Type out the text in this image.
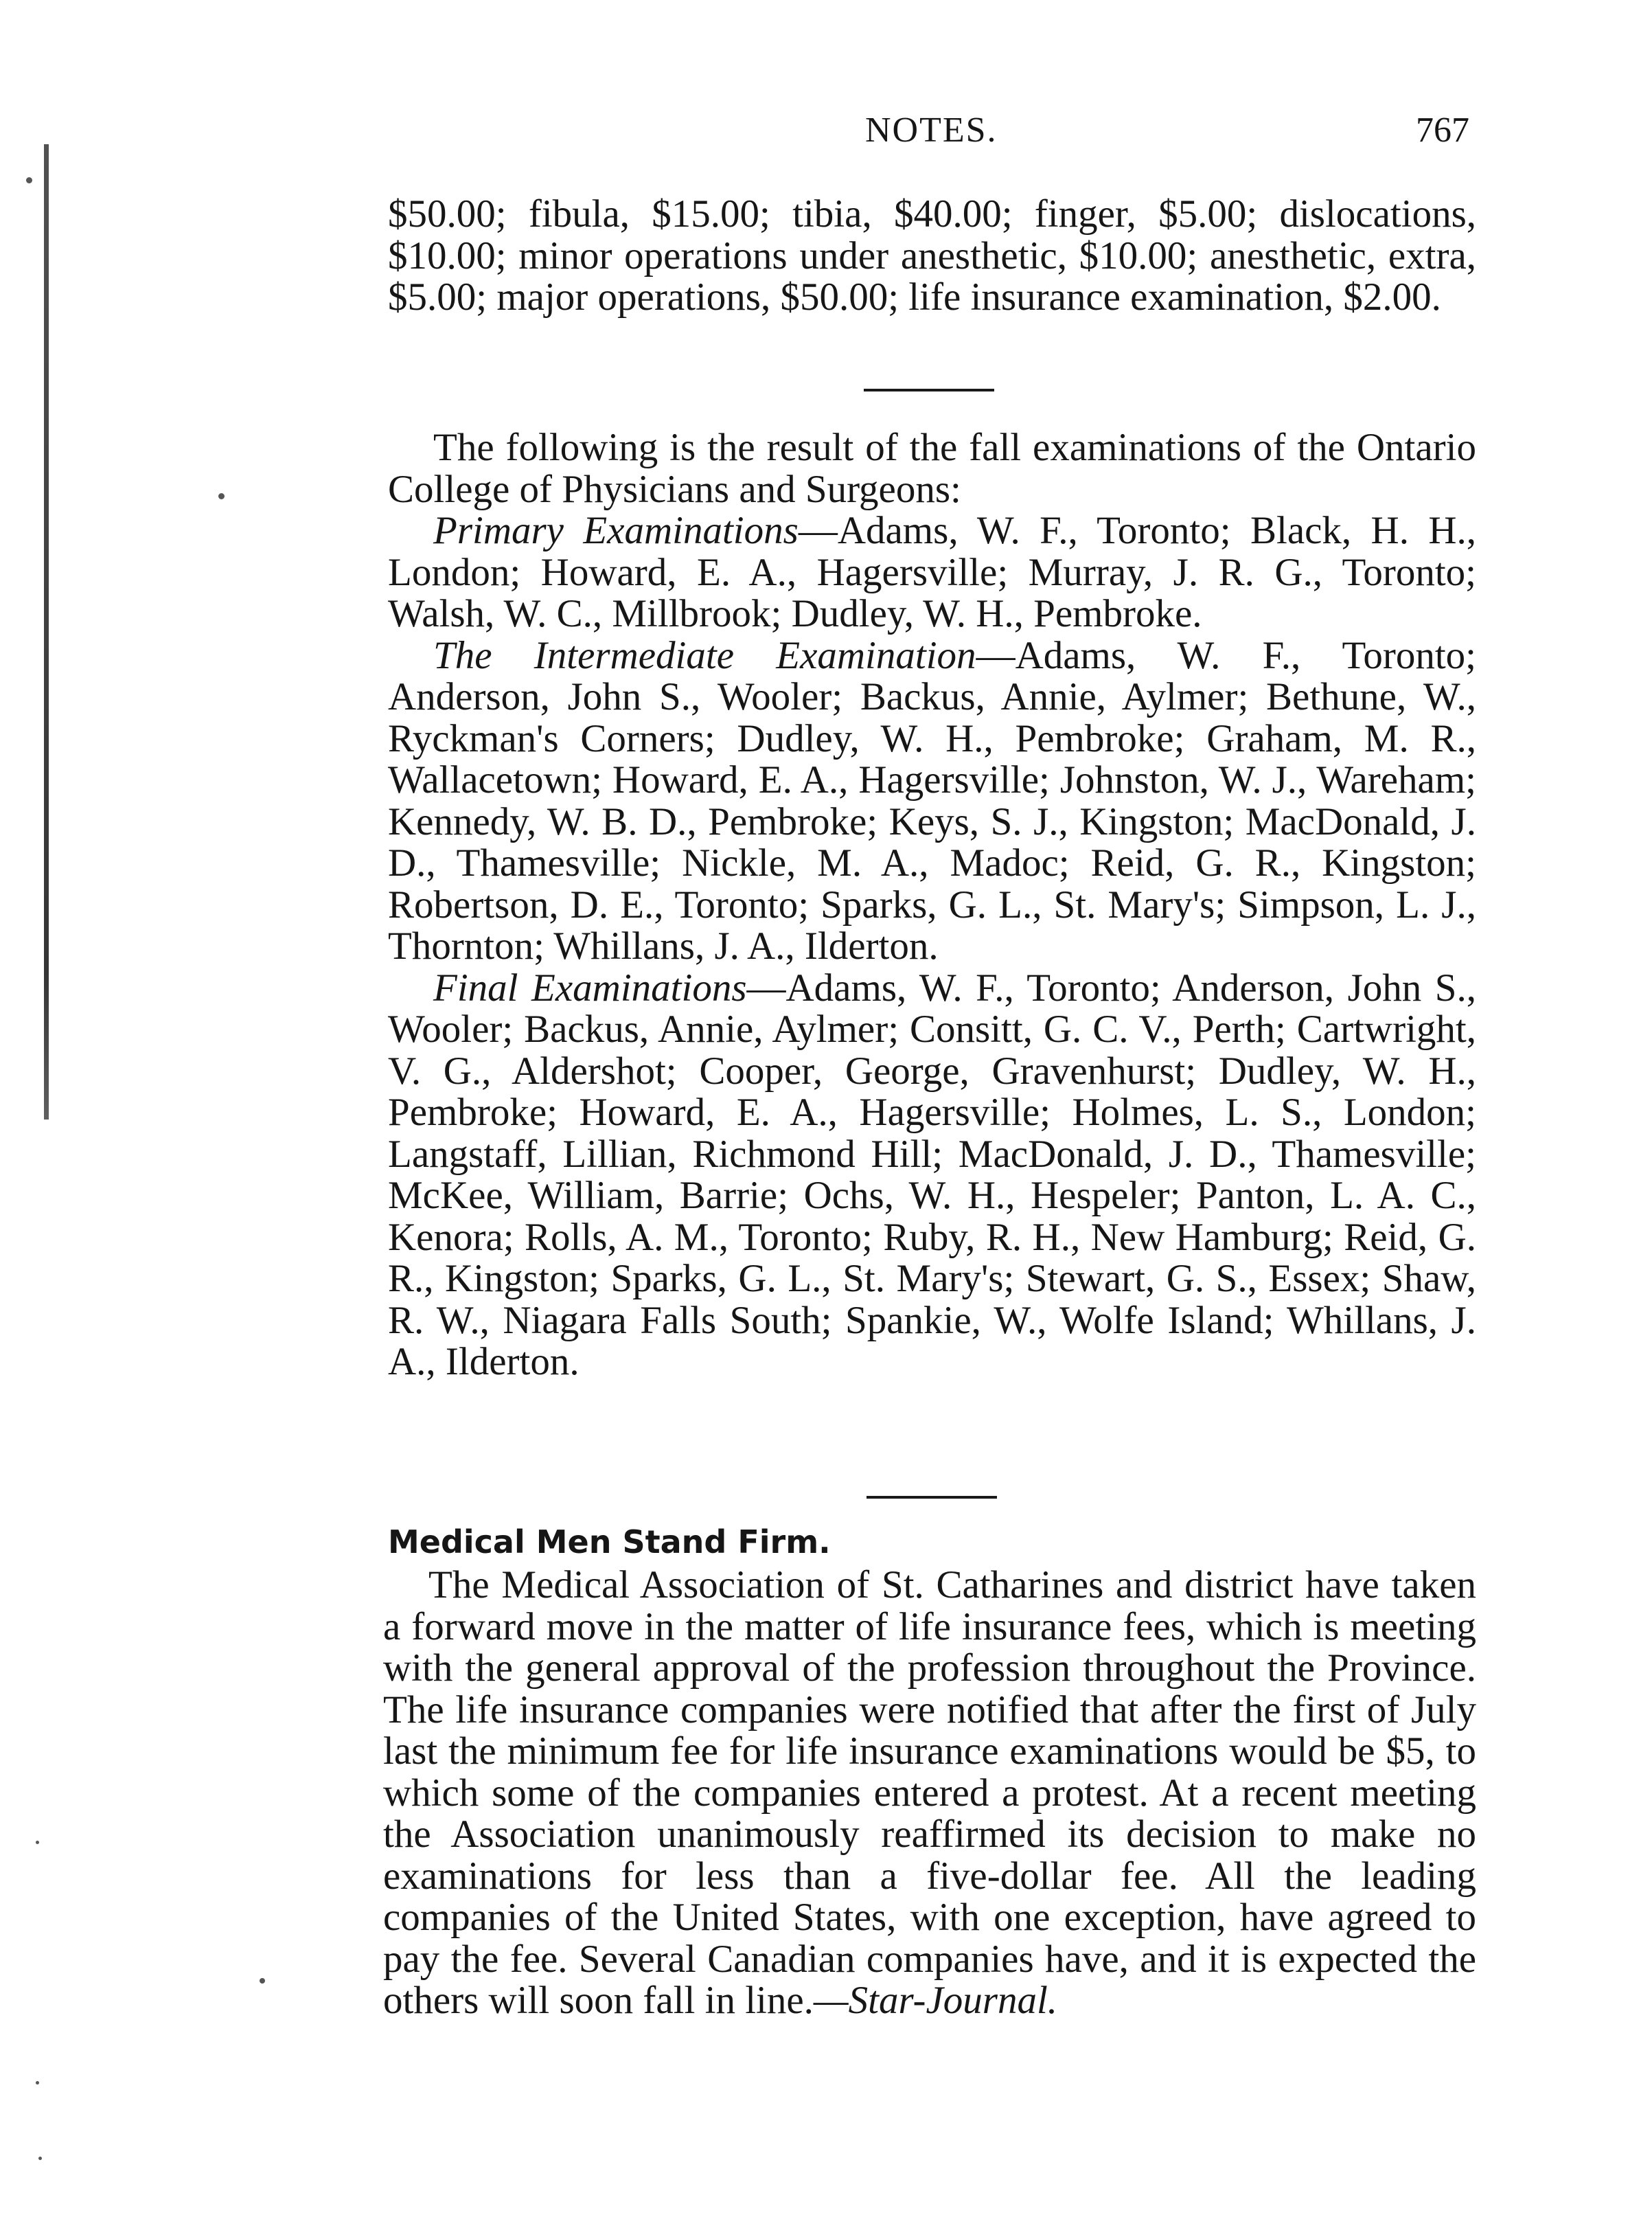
NOTES.	767

$50.00; fibula, $15.00; tibia, $40.00; finger, $5.00; dislocations, $10.00; minor operations under anesthetic, $10.00; anesthetic, extra, $5.00; major operations, $50.00; life insurance examination, $2.00.

The following is the result of the fall examinations of the Ontario College of Physicians and Surgeons:

Primary Examinations—Adams, W. F., Toronto; Black, H. H., London; Howard, E. A., Hagersville; Murray, J. R. G., Toronto; Walsh, W. C., Millbrook; Dudley, W. H., Pembroke.

The Intermediate Examination—Adams, W. F., Toronto; Anderson, John S., Wooler; Backus, Annie, Aylmer; Bethune, W., Ryckman's Corners; Dudley, W. H., Pembroke; Graham, M. R., Wallacetown; Howard, E. A., Hagersville; Johnston, W. J., Wareham; Kennedy, W. B. D., Pembroke; Keys, S. J., Kingston; MacDonald, J. D., Thamesville; Nickle, M. A., Madoc; Reid, G. R., Kingston; Robertson, D. E., Toronto; Sparks, G. L., St. Mary's; Simpson, L. J., Thornton; Whillans, J. A., Ilderton.

Final Examinations—Adams, W. F., Toronto; Anderson, John S., Wooler; Backus, Annie, Aylmer; Consitt, G. C. V., Perth; Cartwright, V. G., Aldershot; Cooper, George, Gravenhurst; Dudley, W. H., Pembroke; Howard, E. A., Hagersville; Holmes, L. S., London; Langstaff, Lillian, Richmond Hill; MacDonald, J. D., Thamesville; McKee, William, Barrie; Ochs, W. H., Hespeler; Panton, L. A. C., Kenora; Rolls, A. M., Toronto; Ruby, R. H., New Hamburg; Reid, G. R., Kingston; Sparks, G. L., St. Mary's; Stewart, G. S., Essex; Shaw, R. W., Niagara Falls South; Spankie, W., Wolfe Island; Whillans, J. A., Ilderton.

Medical Men Stand Firm.

The Medical Association of St. Catharines and district have taken a forward move in the matter of life insurance fees, which is meeting with the general approval of the profession throughout the Province. The life insurance companies were notified that after the first of July last the minimum fee for life insurance examinations would be $5, to which some of the companies entered a protest. At a recent meeting the Association unanimously reaffirmed its decision to make no examinations for less than a five-dollar fee. All the leading companies of the United States, with one exception, have agreed to pay the fee. Several Canadian companies have, and it is expected the others will soon fall in line.—Star-Journal.
